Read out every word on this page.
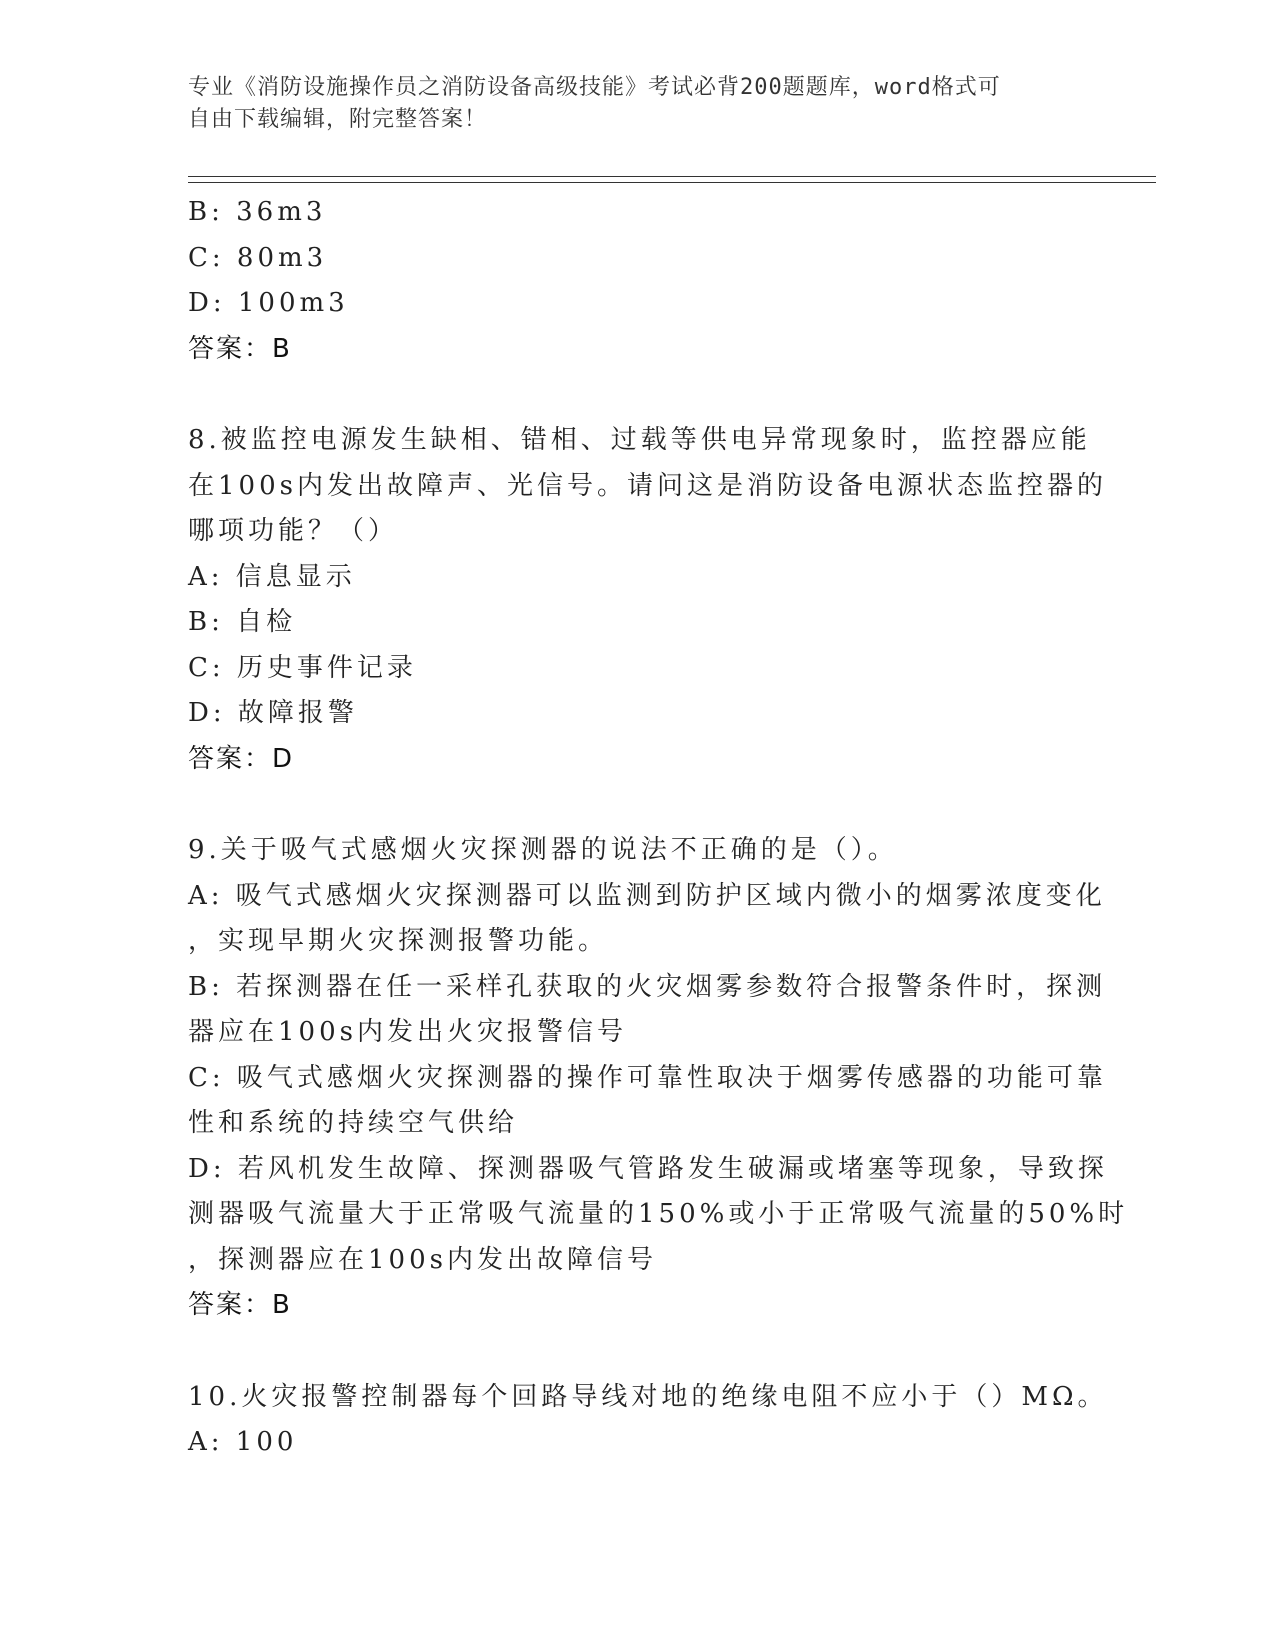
专业《消防设施操作员之消防设备高级技能》考试必背200题题库，word格式可
自由下载编辑，附完整答案！
B: 36m3
C: 80m3
D: 100m3
答案：B
8.被监控电源发生缺相、错相、过载等供电异常现象时，监控器应能
在100s内发出故障声、光信号。请问这是消防设备电源状态监控器的
哪项功能？（）
A: 信息显示
B: 自检
C: 历史事件记录
D: 故障报警
答案：D
9.关于吸气式感烟火灾探测器的说法不正确的是（）。
A: 吸气式感烟火灾探测器可以监测到防护区域内微小的烟雾浓度变化
，实现早期火灾探测报警功能。
B: 若探测器在任一采样孔获取的火灾烟雾参数符合报警条件时，探测
器应在100s内发出火灾报警信号
C: 吸气式感烟火灾探测器的操作可靠性取决于烟雾传感器的功能可靠
性和系统的持续空气供给
D: 若风机发生故障、探测器吸气管路发生破漏或堵塞等现象，导致探
测器吸气流量大于正常吸气流量的150%或小于正常吸气流量的50%时
，探测器应在100s内发出故障信号
答案：B
10.火灾报警控制器每个回路导线对地的绝缘电阻不应小于（）MΩ。
A: 100
